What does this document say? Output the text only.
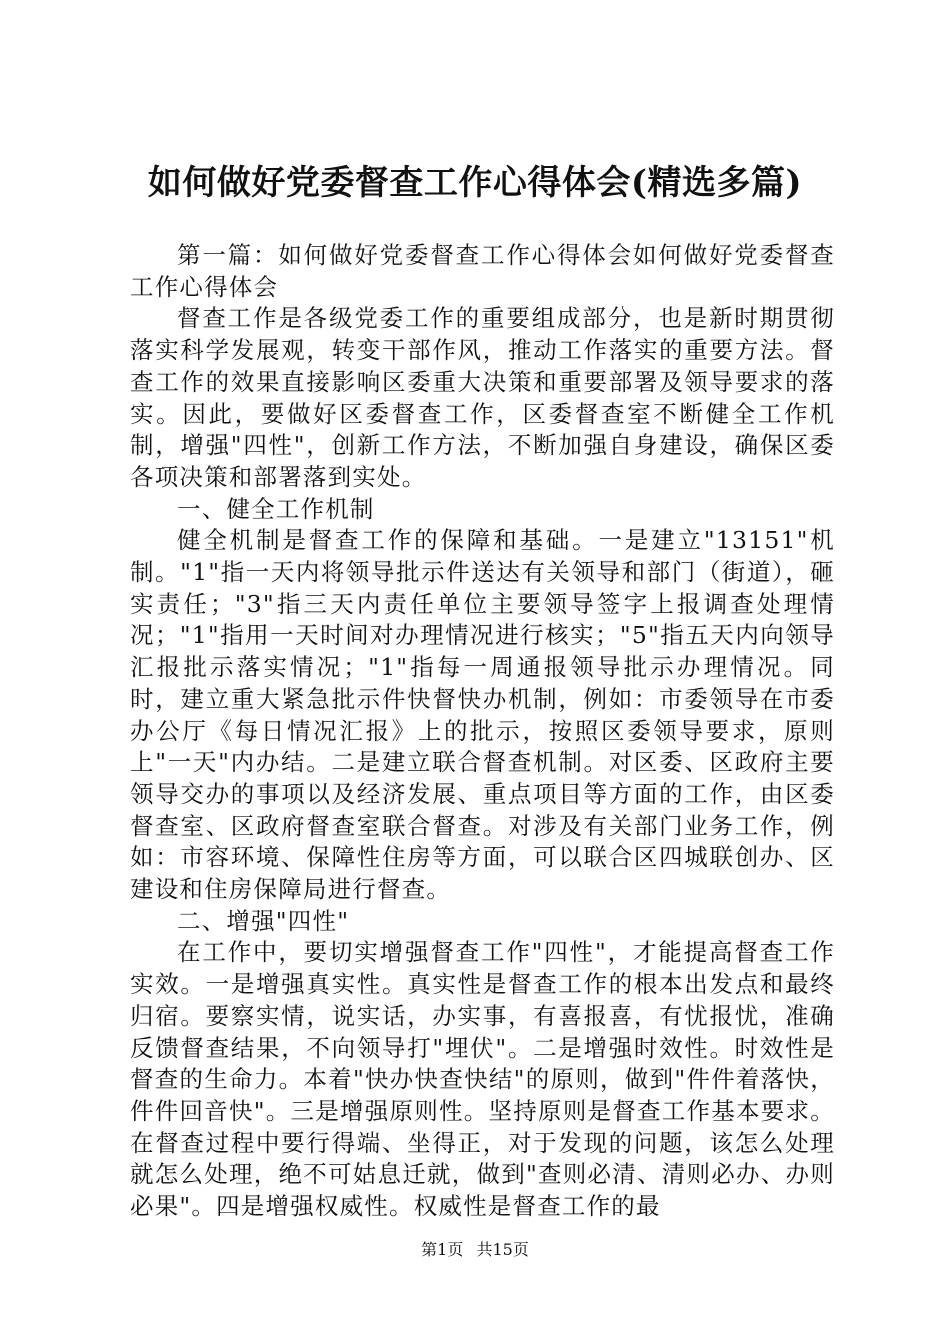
如何做好党委督查工作心得体会(精选多篇)

第一篇：如何做好党委督查工作心得体会如何做好党委督查工作心得体会

督查工作是各级党委工作的重要组成部分，也是新时期贯彻落实科学发展观，转变干部作风，推动工作落实的重要方法。督查工作的效果直接影响区委重大决策和重要部署及领导要求的落实。因此，要做好区委督查工作，区委督查室不断健全工作机制，增强"四性"，创新工作方法，不断加强自身建设，确保区委各项决策和部署落到实处。

一、健全工作机制

健全机制是督查工作的保障和基础。一是建立"13151"机制。"1"指一天内将领导批示件送达有关领导和部门（街道），砸实责任；"3"指三天内责任单位主要领导签字上报调查处理情况；"1"指用一天时间对办理情况进行核实；"5"指五天内向领导汇报批示落实情况；"1"指每一周通报领导批示办理情况。同时，建立重大紧急批示件快督快办机制，例如：市委领导在市委办公厅《每日情况汇报》上的批示，按照区委领导要求，原则上"一天"内办结。二是建立联合督查机制。对区委、区政府主要领导交办的事项以及经济发展、重点项目等方面的工作，由区委督查室、区政府督查室联合督查。对涉及有关部门业务工作，例如：市容环境、保障性住房等方面，可以联合区四城联创办、区建设和住房保障局进行督查。

二、增强"四性"

在工作中，要切实增强督查工作"四性"，才能提高督查工作实效。一是增强真实性。真实性是督查工作的根本出发点和最终归宿。要察实情，说实话，办实事，有喜报喜，有忧报忧，准确反馈督查结果，不向领导打"埋伏"。二是增强时效性。时效性是督查的生命力。本着"快办快查快结"的原则，做到"件件着落快，件件回音快"。三是增强原则性。坚持原则是督查工作基本要求。在督查过程中要行得端、坐得正，对于发现的问题，该怎么处理就怎么处理，绝不可姑息迁就，做到"查则必清、清则必办、办则必果"。四是增强权威性。权威性是督查工作的最

第1页 共15页
